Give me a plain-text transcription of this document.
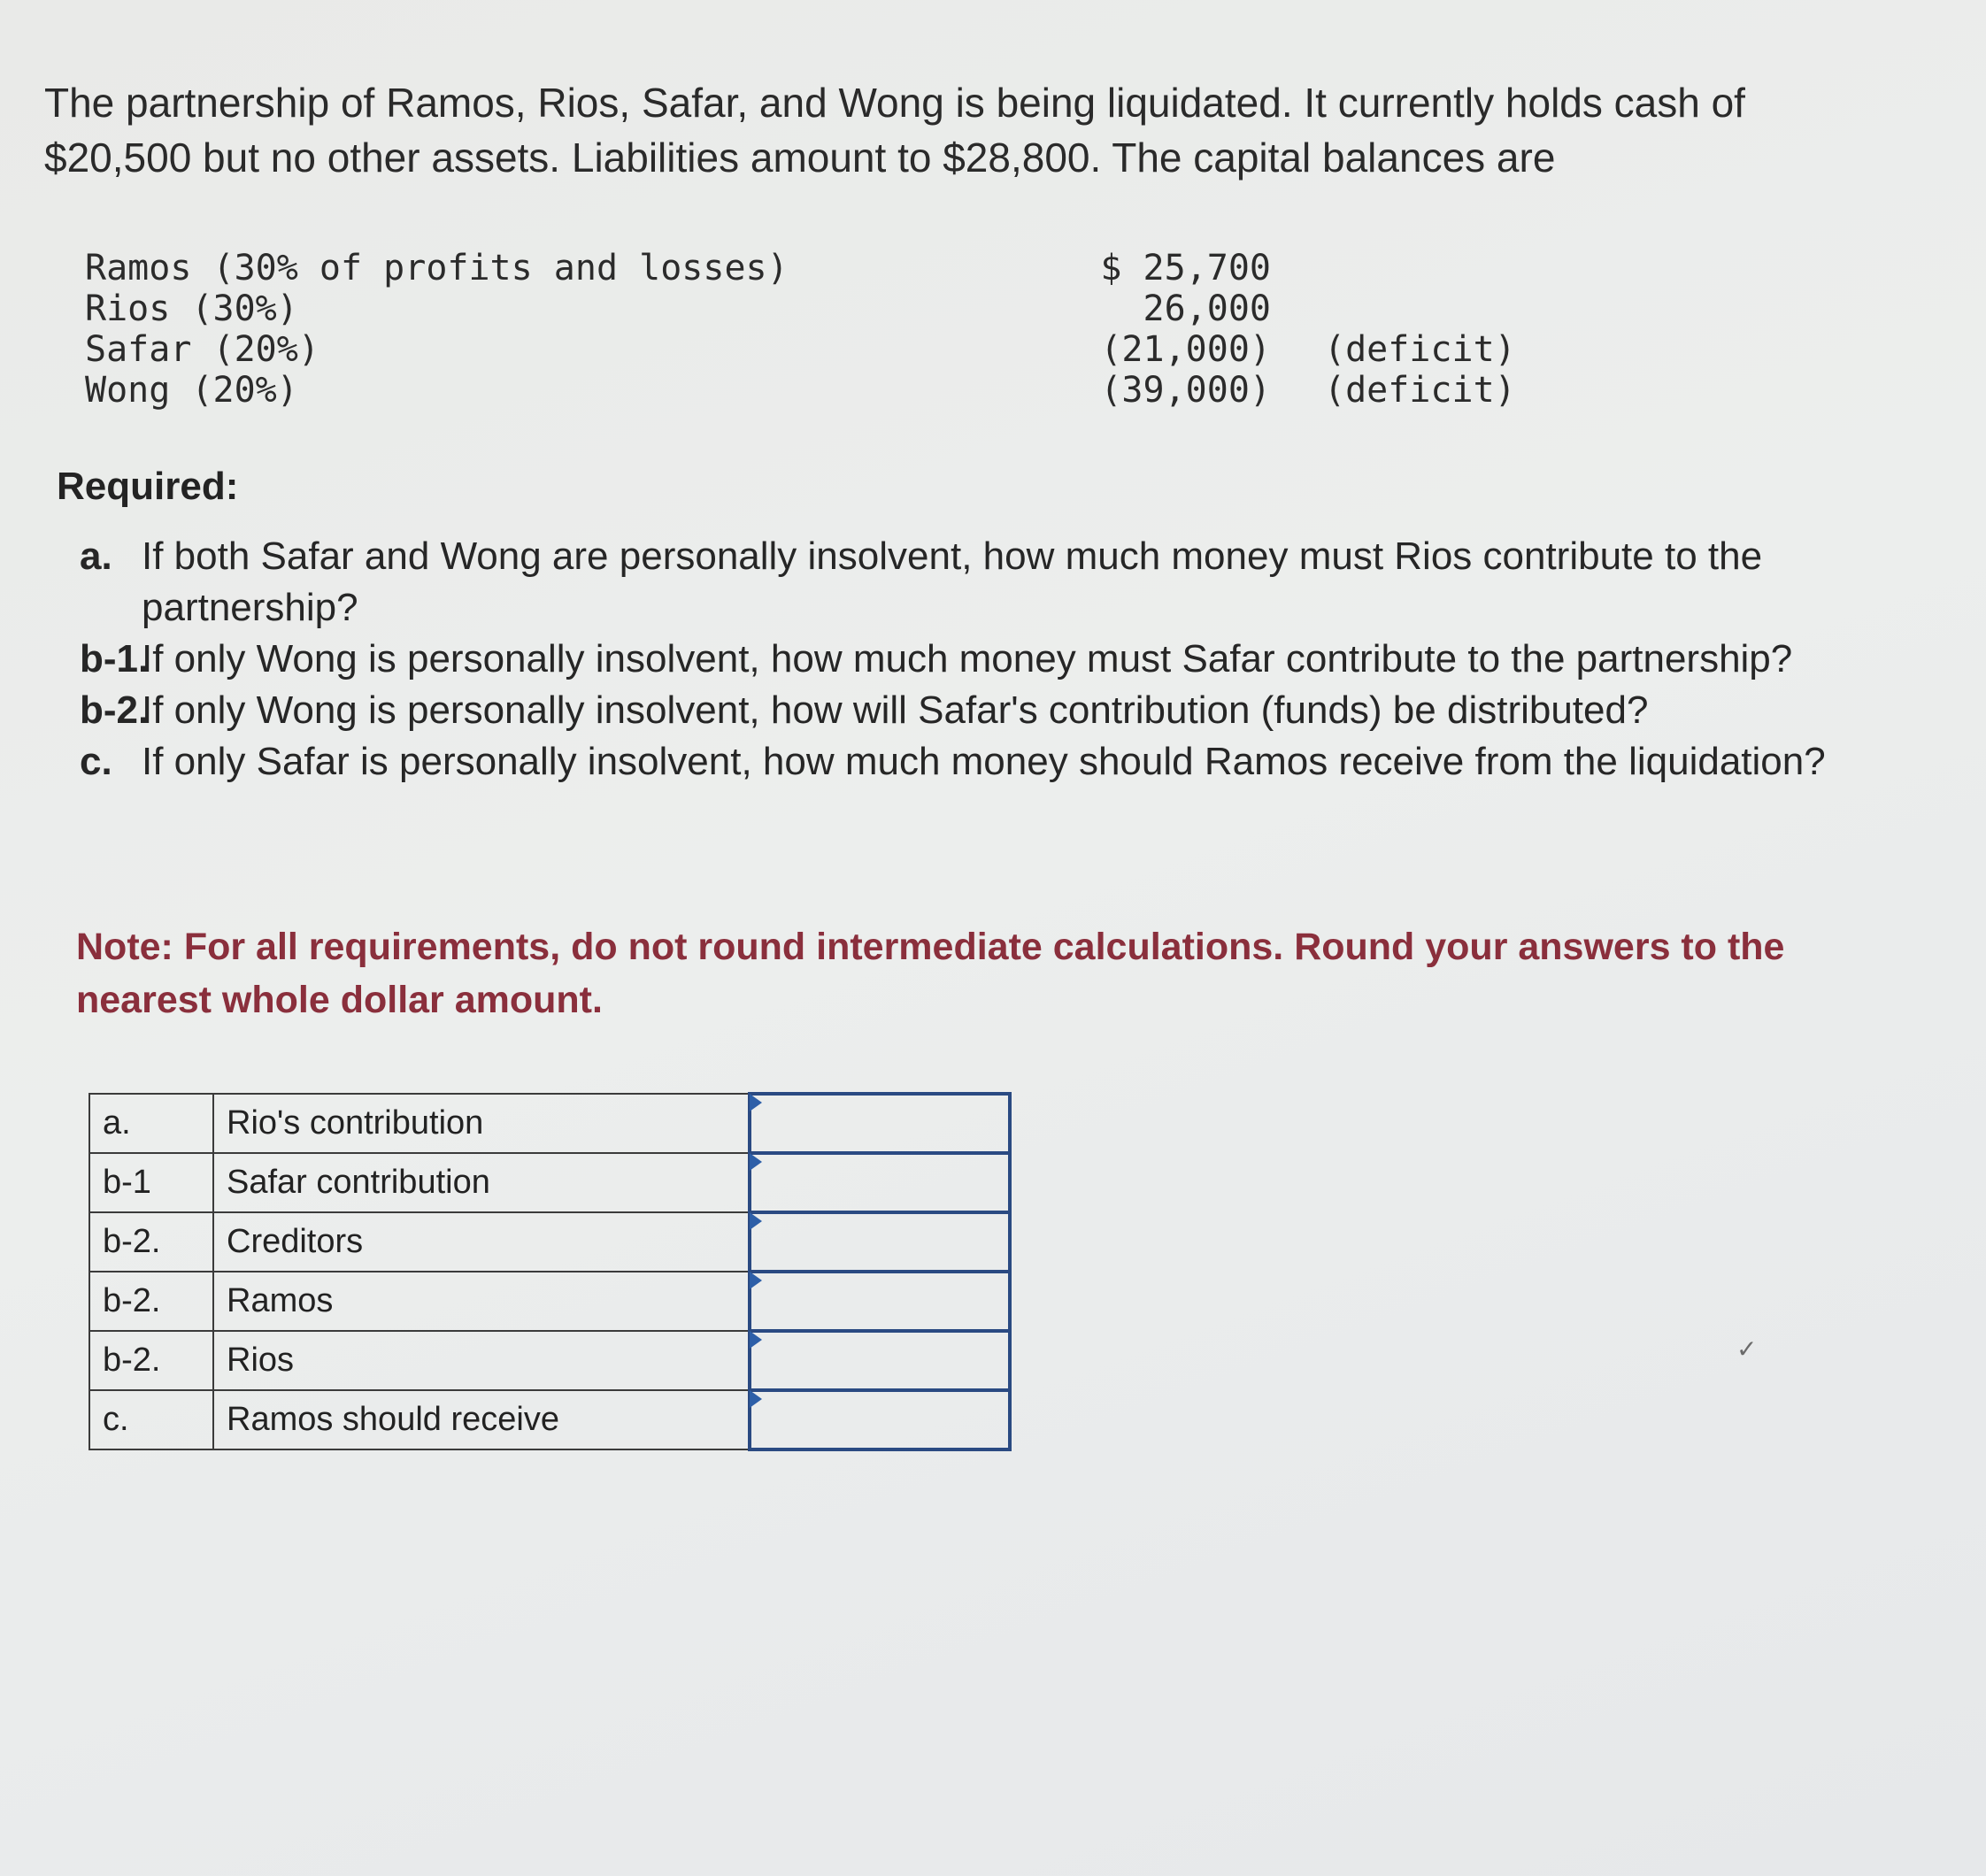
The partnership of Ramos, Rios, Safar, and Wong is being liquidated. It currently holds cash of
$20,500 but no other assets. Liabilities amount to $28,800. The capital balances are
Ramos (30% of profits and losses)	$ 25,700
Rios (30%)	26,000
Safar (20%)	(21,000) (deficit)
Wong (20%)	(39,000) (deficit)
Required:
a. If both Safar and Wong are personally insolvent, how much money must Rios contribute to the partnership?
b-1.
If only Wong is personally insolvent, how much money must Safar contribute to the partnership?
b-2.
If only Wong is personally insolvent, how will Safar's contribution (funds) be distributed?
c. If only Safar is personally insolvent, how much money should Ramos receive from the liquidation?
Note: For all requirements, do not round intermediate calculations. Round your answers to the nearest whole dollar amount.
a.	Rio's contribution	

b-1	Safar contribution	

b-2.	Creditors	

b-2.	Ramos	

b-2.	Rios	

c.	Ramos should receive	
✓
